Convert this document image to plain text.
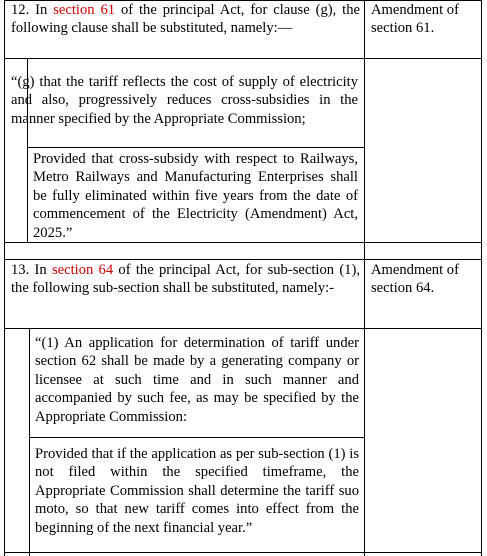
12. In section 61 of the principal Act, for clause (g), the following clause shall be substituted, namely:—
Amendment of section 61.
“(g) that the tariff reflects the cost of supply of electricity and also, progressively reduces cross-subsidies in the manner specified by the Appropriate Commission;
Provided that cross-subsidy with respect to Railways, Metro Railways and Manufacturing Enterprises shall be fully eliminated within five years from the date of commencement of the Electricity (Amendment) Act, 2025.”
13. In section 64 of the principal Act, for sub-section (1), the following sub-section shall be substituted, namely:-
Amendment of section 64.
“(1) An application for determination of tariff under section 62 shall be made by a generating company or licensee at such time and in such manner and accompanied by such fee, as may be specified by the Appropriate Commission:
Provided that if the application as per sub-section (1) is not filed within the specified timeframe, the Appropriate Commission shall determine the tariff suo moto, so that new tariff comes into effect from the beginning of the next financial year.”
